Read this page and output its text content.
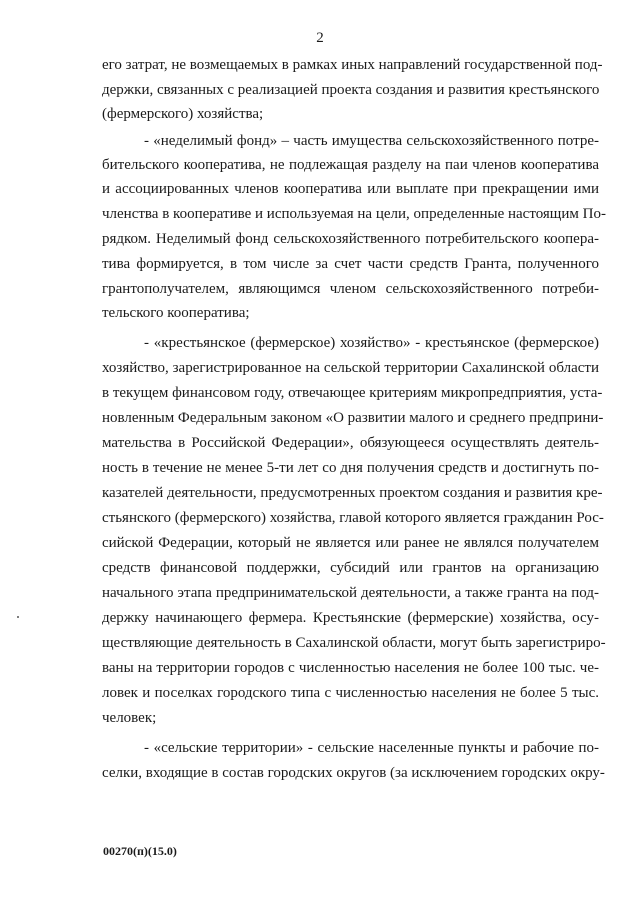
2
его затрат, не возмещаемых в рамках иных направлений государственной под-
держки, связанных с реализацией проекта создания и развития крестьянского
(фермерского) хозяйства;
- «неделимый фонд» – часть имущества сельскохозяйственного потре-
бительского кооператива, не подлежащая разделу на паи членов кооператива
и ассоциированных членов кооператива или выплате при прекращении ими
членства в кооперативе и используемая на цели, определенные настоящим По-
рядком. Неделимый фонд сельскохозяйственного потребительского коопера-
тива формируется, в том числе за счет части средств Гранта, полученного
грантополучателем, являющимся членом сельскохозяйственного потреби-
тельского кооператива;
- «крестьянское (фермерское) хозяйство» - крестьянское (фермерское)
хозяйство, зарегистрированное на сельской территории Сахалинской области
в текущем финансовом году, отвечающее критериям микропредприятия, уста-
новленным Федеральным законом «О развитии малого и среднего предприни-
мательства в Российской Федерации», обязующееся осуществлять деятель-
ность в течение не менее 5-ти лет со дня получения средств и достигнуть по-
казателей деятельности, предусмотренных проектом создания и развития кре-
стьянского (фермерского) хозяйства, главой которого является гражданин Рос-
сийской Федерации, который не является или ранее не являлся получателем
средств финансовой поддержки, субсидий или грантов на организацию
начального этапа предпринимательской деятельности, а также гранта на под-
держку начинающего фермера. Крестьянские (фермерские) хозяйства, осу-
ществляющие деятельность в Сахалинской области, могут быть зарегистриро-
ваны на территории городов с численностью населения не более 100 тыс. че-
ловек и поселках городского типа с численностью населения не более 5 тыс.
человек;
- «сельские территории» - сельские населенные пункты и рабочие по-
селки, входящие в состав городских округов (за исключением городских окру-
00270(п)(15.0)
